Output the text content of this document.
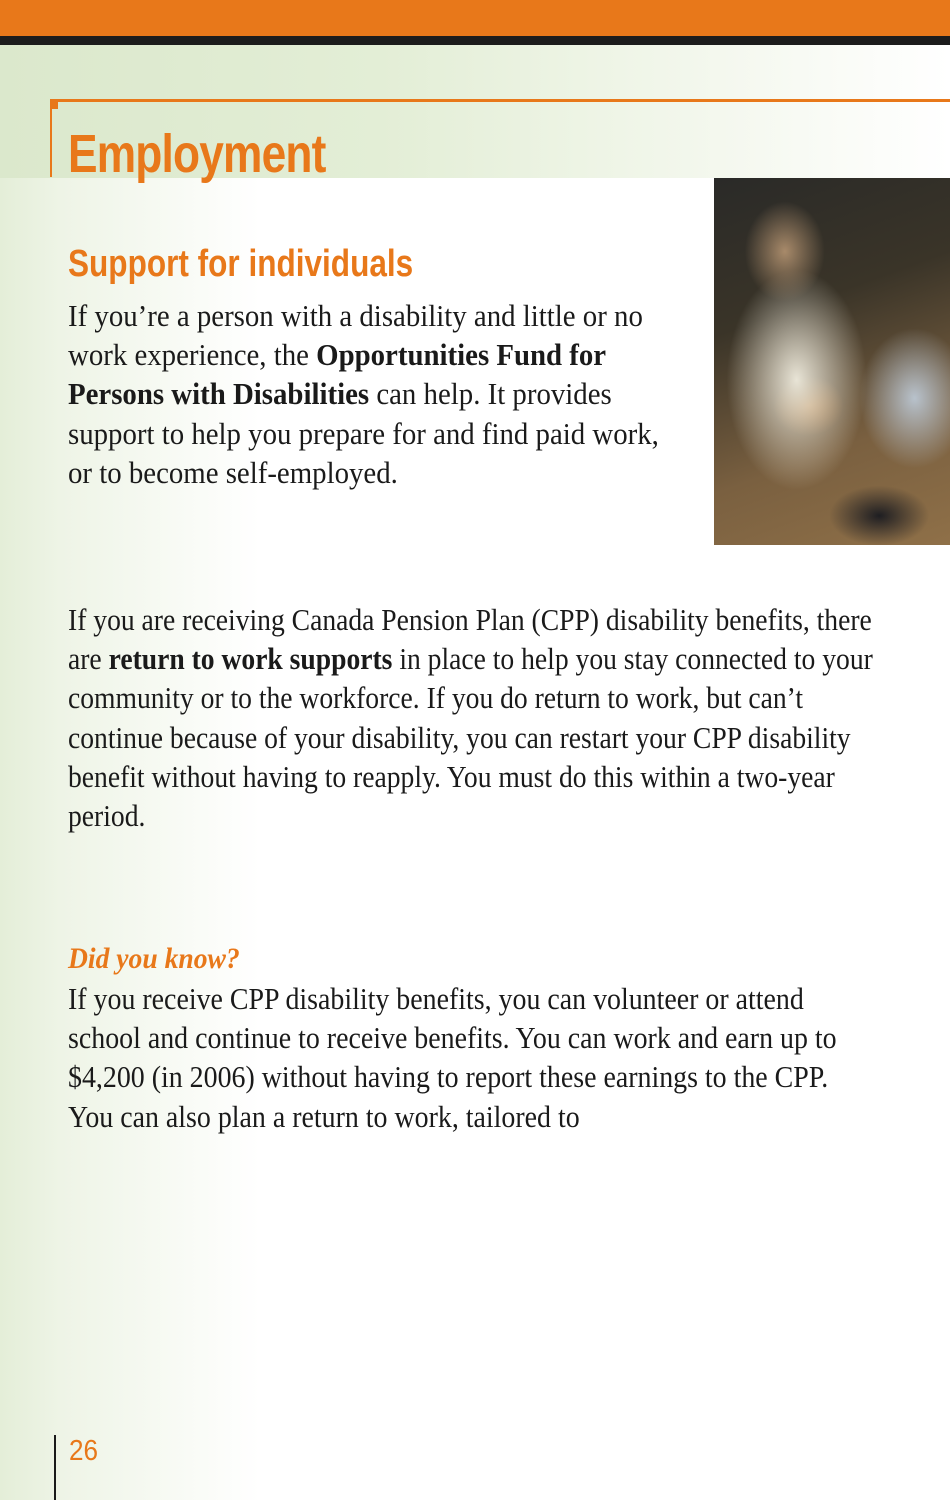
Employment
Support for individuals

If you’re a person with a disability and little or no work experience, the Opportunities Fund for Persons with Disabilities can help. It provides support to help you prepare for and find paid work, or to become self-employed.

If you are receiving Canada Pension Plan (CPP) disability benefits, there are return to work supports in place to help you stay connected to your community or to the workforce. If you do return to work, but can’t continue because of your disability, you can restart your CPP disability benefit without having to reapply. You must do this within a two-year period.

Did you know?

If you receive CPP disability benefits, you can volunteer or attend school and continue to receive benefits. You can work and earn up to $4,200 (in 2006) without having to report these earnings to the CPP. You can also plan a return to work, tailored to

26
